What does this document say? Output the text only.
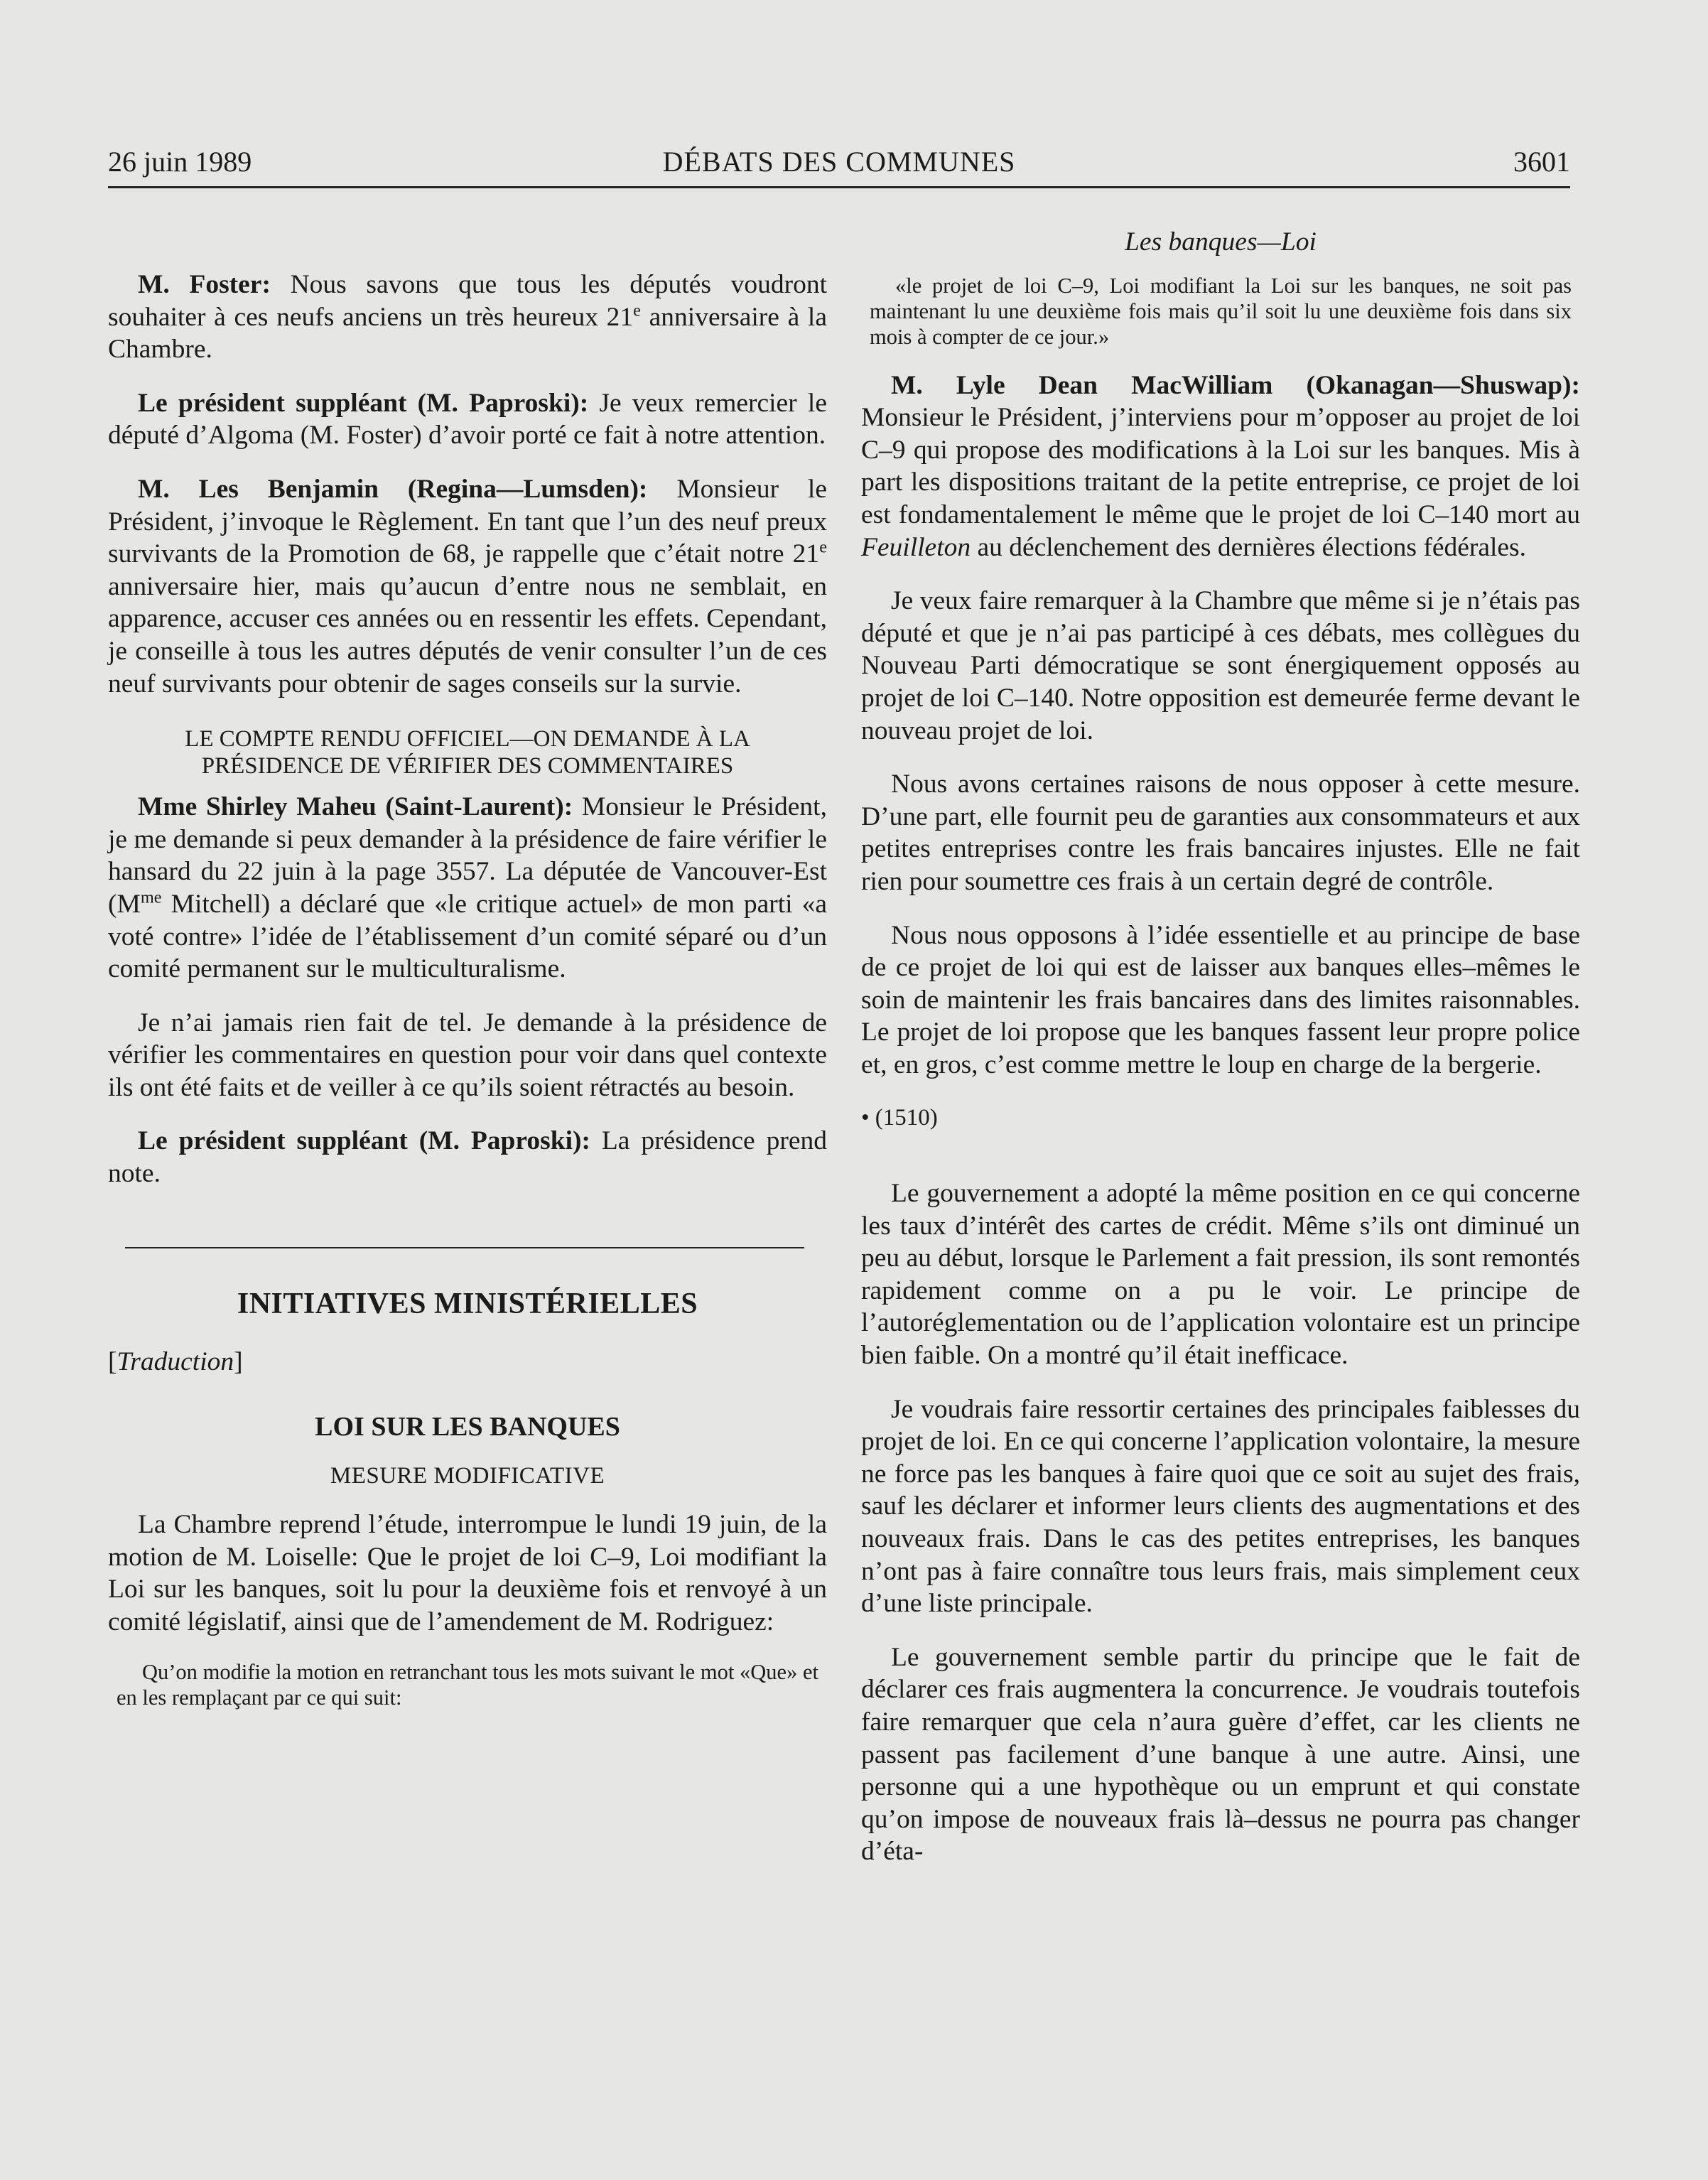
26 juin 1989	DÉBATS DES COMMUNES	3601

M. Foster: Nous savons que tous les députés voudront souhaiter à ces neufs anciens un très heureux 21e anniversaire à la Chambre.

Le président suppléant (M. Paproski): Je veux remercier le député d’Algoma (M. Foster) d’avoir porté ce fait à notre attention.

M. Les Benjamin (Regina—Lumsden): Monsieur le Président, j’invoque le Règlement. En tant que l’un des neuf preux survivants de la Promotion de 68, je rappelle que c’était notre 21e anniversaire hier, mais qu’aucun d’entre nous ne semblait, en apparence, accuser ces années ou en ressentir les effets. Cependant, je conseille à tous les autres députés de venir consulter l’un de ces neuf survivants pour obtenir de sages conseils sur la survie.

LE COMPTE RENDU OFFICIEL—ON DEMANDE À LA
PRÉSIDENCE DE VÉRIFIER DES COMMENTAIRES

Mme Shirley Maheu (Saint-Laurent): Monsieur le Président, je me demande si peux demander à la présidence de faire vérifier le hansard du 22 juin à la page 3557. La députée de Vancouver-Est ($M^{me}$ Mitchell) a déclaré que «le critique actuel» de mon parti «a voté contre» l’idée de l’établissement d’un comité séparé ou d’un comité permanent sur le multiculturalisme.

Je n’ai jamais rien fait de tel. Je demande à la présidence de vérifier les commentaires en question pour voir dans quel contexte ils ont été faits et de veiller à ce qu’ils soient rétractés au besoin.

Le président suppléant (M. Paproski): La présidence prend note.

INITIATIVES MINISTÉRIELLES
[Traduction]
LOI SUR LES BANQUES
MESURE MODIFICATIVE

La Chambre reprend l’étude, interrompue le lundi 19 juin, de la motion de M. Loiselle: Que le projet de loi C–9, Loi modifiant la Loi sur les banques, soit lu pour la deuxième fois et renvoyé à un comité législatif, ainsi que de l’amendement de M. Rodriguez:

Qu’on modifie la motion en retranchant tous les mots suivant le mot «Que» et en les remplaçant par ce qui suit:

Les banques—Loi

«le projet de loi C–9, Loi modifiant la Loi sur les banques, ne soit pas maintenant lu une deuxième fois mais qu’il soit lu une deuxième fois dans six mois à compter de ce jour.»

M. Lyle Dean MacWilliam (Okanagan—Shuswap): Monsieur le Président, j’interviens pour m’opposer au projet de loi C–9 qui propose des modifications à la Loi sur les banques. Mis à part les dispositions traitant de la petite entreprise, ce projet de loi est fondamentalement le même que le projet de loi C–140 mort au Feuilleton au déclenchement des dernières élections fédérales.

Je veux faire remarquer à la Chambre que même si je n’étais pas député et que je n’ai pas participé à ces débats, mes collègues du Nouveau Parti démocratique se sont énergiquement opposés au projet de loi C–140. Notre opposition est demeurée ferme devant le nouveau projet de loi.

Nous avons certaines raisons de nous opposer à cette mesure. D’une part, elle fournit peu de garanties aux consommateurs et aux petites entreprises contre les frais bancaires injustes. Elle ne fait rien pour soumettre ces frais à un certain degré de contrôle.

Nous nous opposons à l’idée essentielle et au principe de base de ce projet de loi qui est de laisser aux banques elles–mêmes le soin de maintenir les frais bancaires dans des limites raisonnables. Le projet de loi propose que les banques fassent leur propre police et, en gros, c’est comme mettre le loup en charge de la bergerie.

• (1510)

Le gouvernement a adopté la même position en ce qui concerne les taux d’intérêt des cartes de crédit. Même s’ils ont diminué un peu au début, lorsque le Parlement a fait pression, ils sont remontés rapidement comme on a pu le voir. Le principe de l’autoréglementation ou de l’application volontaire est un principe bien faible. On a montré qu’il était inefficace.

Je voudrais faire ressortir certaines des principales faiblesses du projet de loi. En ce qui concerne l’application volontaire, la mesure ne force pas les banques à faire quoi que ce soit au sujet des frais, sauf les déclarer et informer leurs clients des augmentations et des nouveaux frais. Dans le cas des petites entreprises, les banques n’ont pas à faire connaître tous leurs frais, mais simplement ceux d’une liste principale.

Le gouvernement semble partir du principe que le fait de déclarer ces frais augmentera la concurrence. Je voudrais toutefois faire remarquer que cela n’aura guère d’effet, car les clients ne passent pas facilement d’une banque à une autre. Ainsi, une personne qui a une hypothèque ou un emprunt et qui constate qu’on impose de nouveaux frais là–dessus ne pourra pas changer d’éta-
